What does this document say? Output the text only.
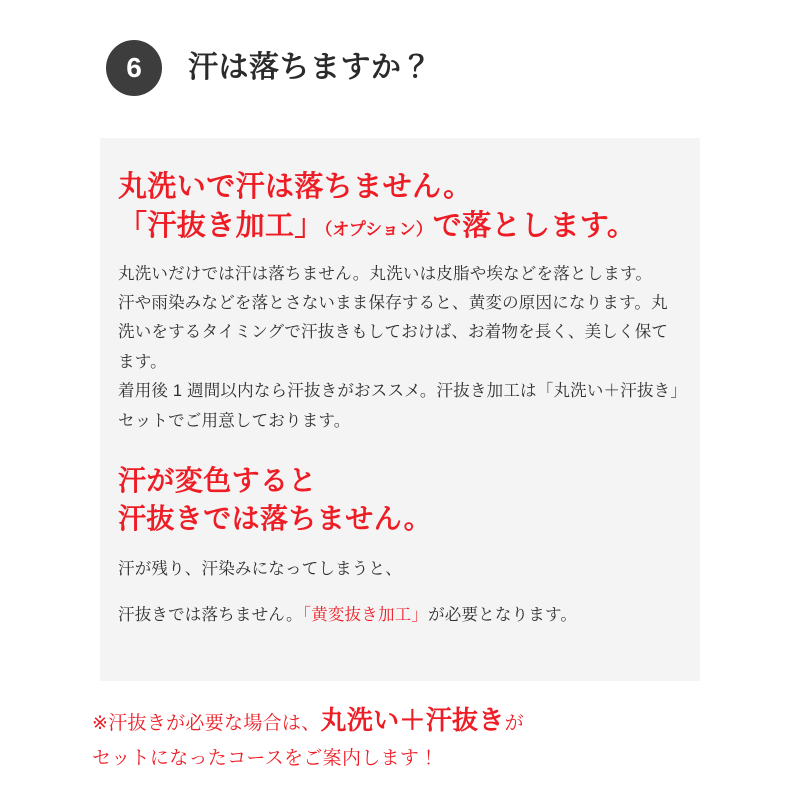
6	汗は落ちますか？
丸洗いで汗は落ちません。
「汗抜き加工」（オプション）で落とします。

丸洗いだけでは汗は落ちません。丸洗いは皮脂や埃などを落とします。

汗や雨染みなどを落とさないまま保存すると、黄変の原因になります。丸洗いをするタイミングで汗抜きもしておけば、お着物を長く、美しく保てます。

着用後 1 週間以内なら汗抜きがおススメ。汗抜き加工は「丸洗い＋汗抜き」セットでご用意しております。

汗が変色すると
汗抜きでは落ちません。

汗が残り、汗染みになってしまうと、

汗抜きでは落ちません。「黄変抜き加工」が必要となります。

※汗抜きが必要な場合は、丸洗い＋汗抜きが
セットになったコースをご案内します！
